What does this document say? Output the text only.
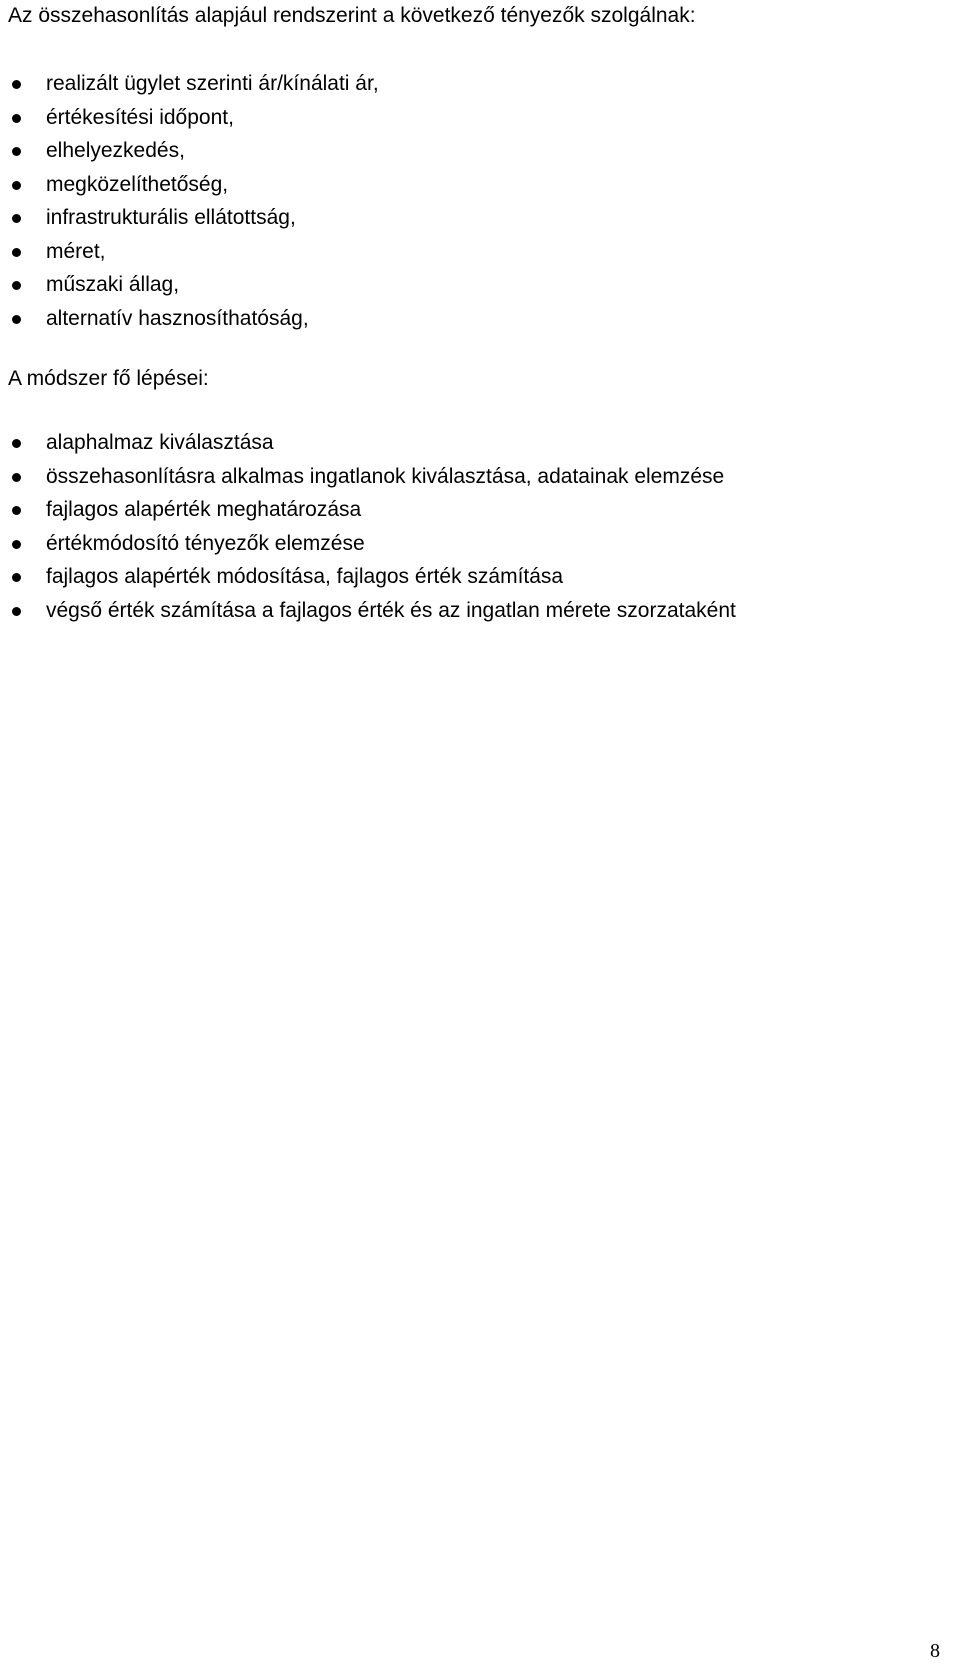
Az összehasonlítás alapjául rendszerint a következő tényezők szolgálnak:
realizált ügylet szerinti ár/kínálati ár,
értékesítési időpont,
elhelyezkedés,
megközelíthetőség,
infrastrukturális ellátottság,
méret,
műszaki állag,
alternatív hasznosíthatóság,
A módszer fő lépései:
alaphalmaz kiválasztása
összehasonlításra alkalmas ingatlanok kiválasztása, adatainak elemzése
fajlagos alapérték meghatározása
értékmódosító tényezők elemzése
fajlagos alapérték módosítása, fajlagos érték számítása
végső érték számítása a fajlagos érték és az ingatlan mérete szorzataként
8
